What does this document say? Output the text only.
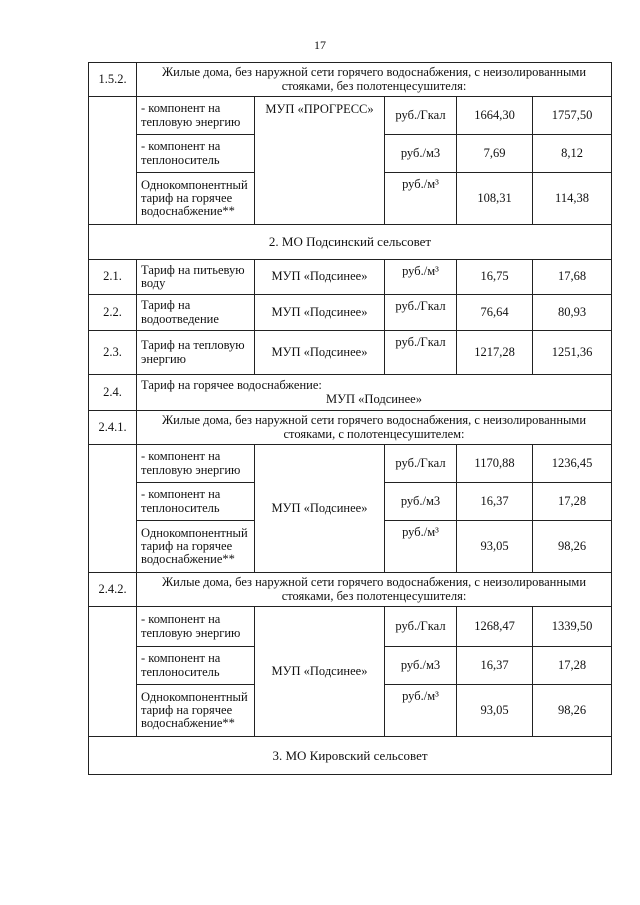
17
1.5.2.	Жилые дома, без наружной сети горячего водоснабжения, с неизолированными стояками, без полотенцесушителя:				
	- компонент на тепловую энергию	МУП «ПРОГРЕСС»	руб./Гкал	1664,30	1757,50
	- компонент на теплоноситель		руб./м3	7,69	8,12
	Однокомпонентный тариф на горячее водоснабжение**		руб./м³	108,31	114,38
2. МО Подсинский сельсовет					
2.1.	Тариф на питьевую воду	МУП «Подсинее»	руб./м³	16,75	17,68
2.2.	Тариф на водоотведение	МУП «Подсинее»	руб./Гкал	76,64	80,93
2.3.	Тариф на тепловую энергию	МУП «Подсинее»	руб./Гкал	1217,28	1251,36
2.4.	Тариф на горячее водоснабжение:
МУП «Подсинее»				

2.4.1.	Жилые дома, без наружной сети горячего водоснабжения, с неизолированными стояками, с полотенцесушителем:				
	- компонент на тепловую энергию	МУП «Подсинее»	руб./Гкал	1170,88	1236,45
	- компонент на теплоноситель		руб./м3	16,37	17,28
	Однокомпонентный тариф на горячее водоснабжение**		руб./м³	93,05	98,26
2.4.2.	Жилые дома, без наружной сети горячего водоснабжения, с неизолированными стояками, без полотенцесушителя:				
	- компонент на тепловую энергию	МУП «Подсинее»	руб./Гкал	1268,47	1339,50
	- компонент на теплоноситель		руб./м3	16,37	17,28
	Однокомпонентный тариф на горячее водоснабжение**		руб./м³	93,05	98,26
3. МО Кировский сельсовет					
